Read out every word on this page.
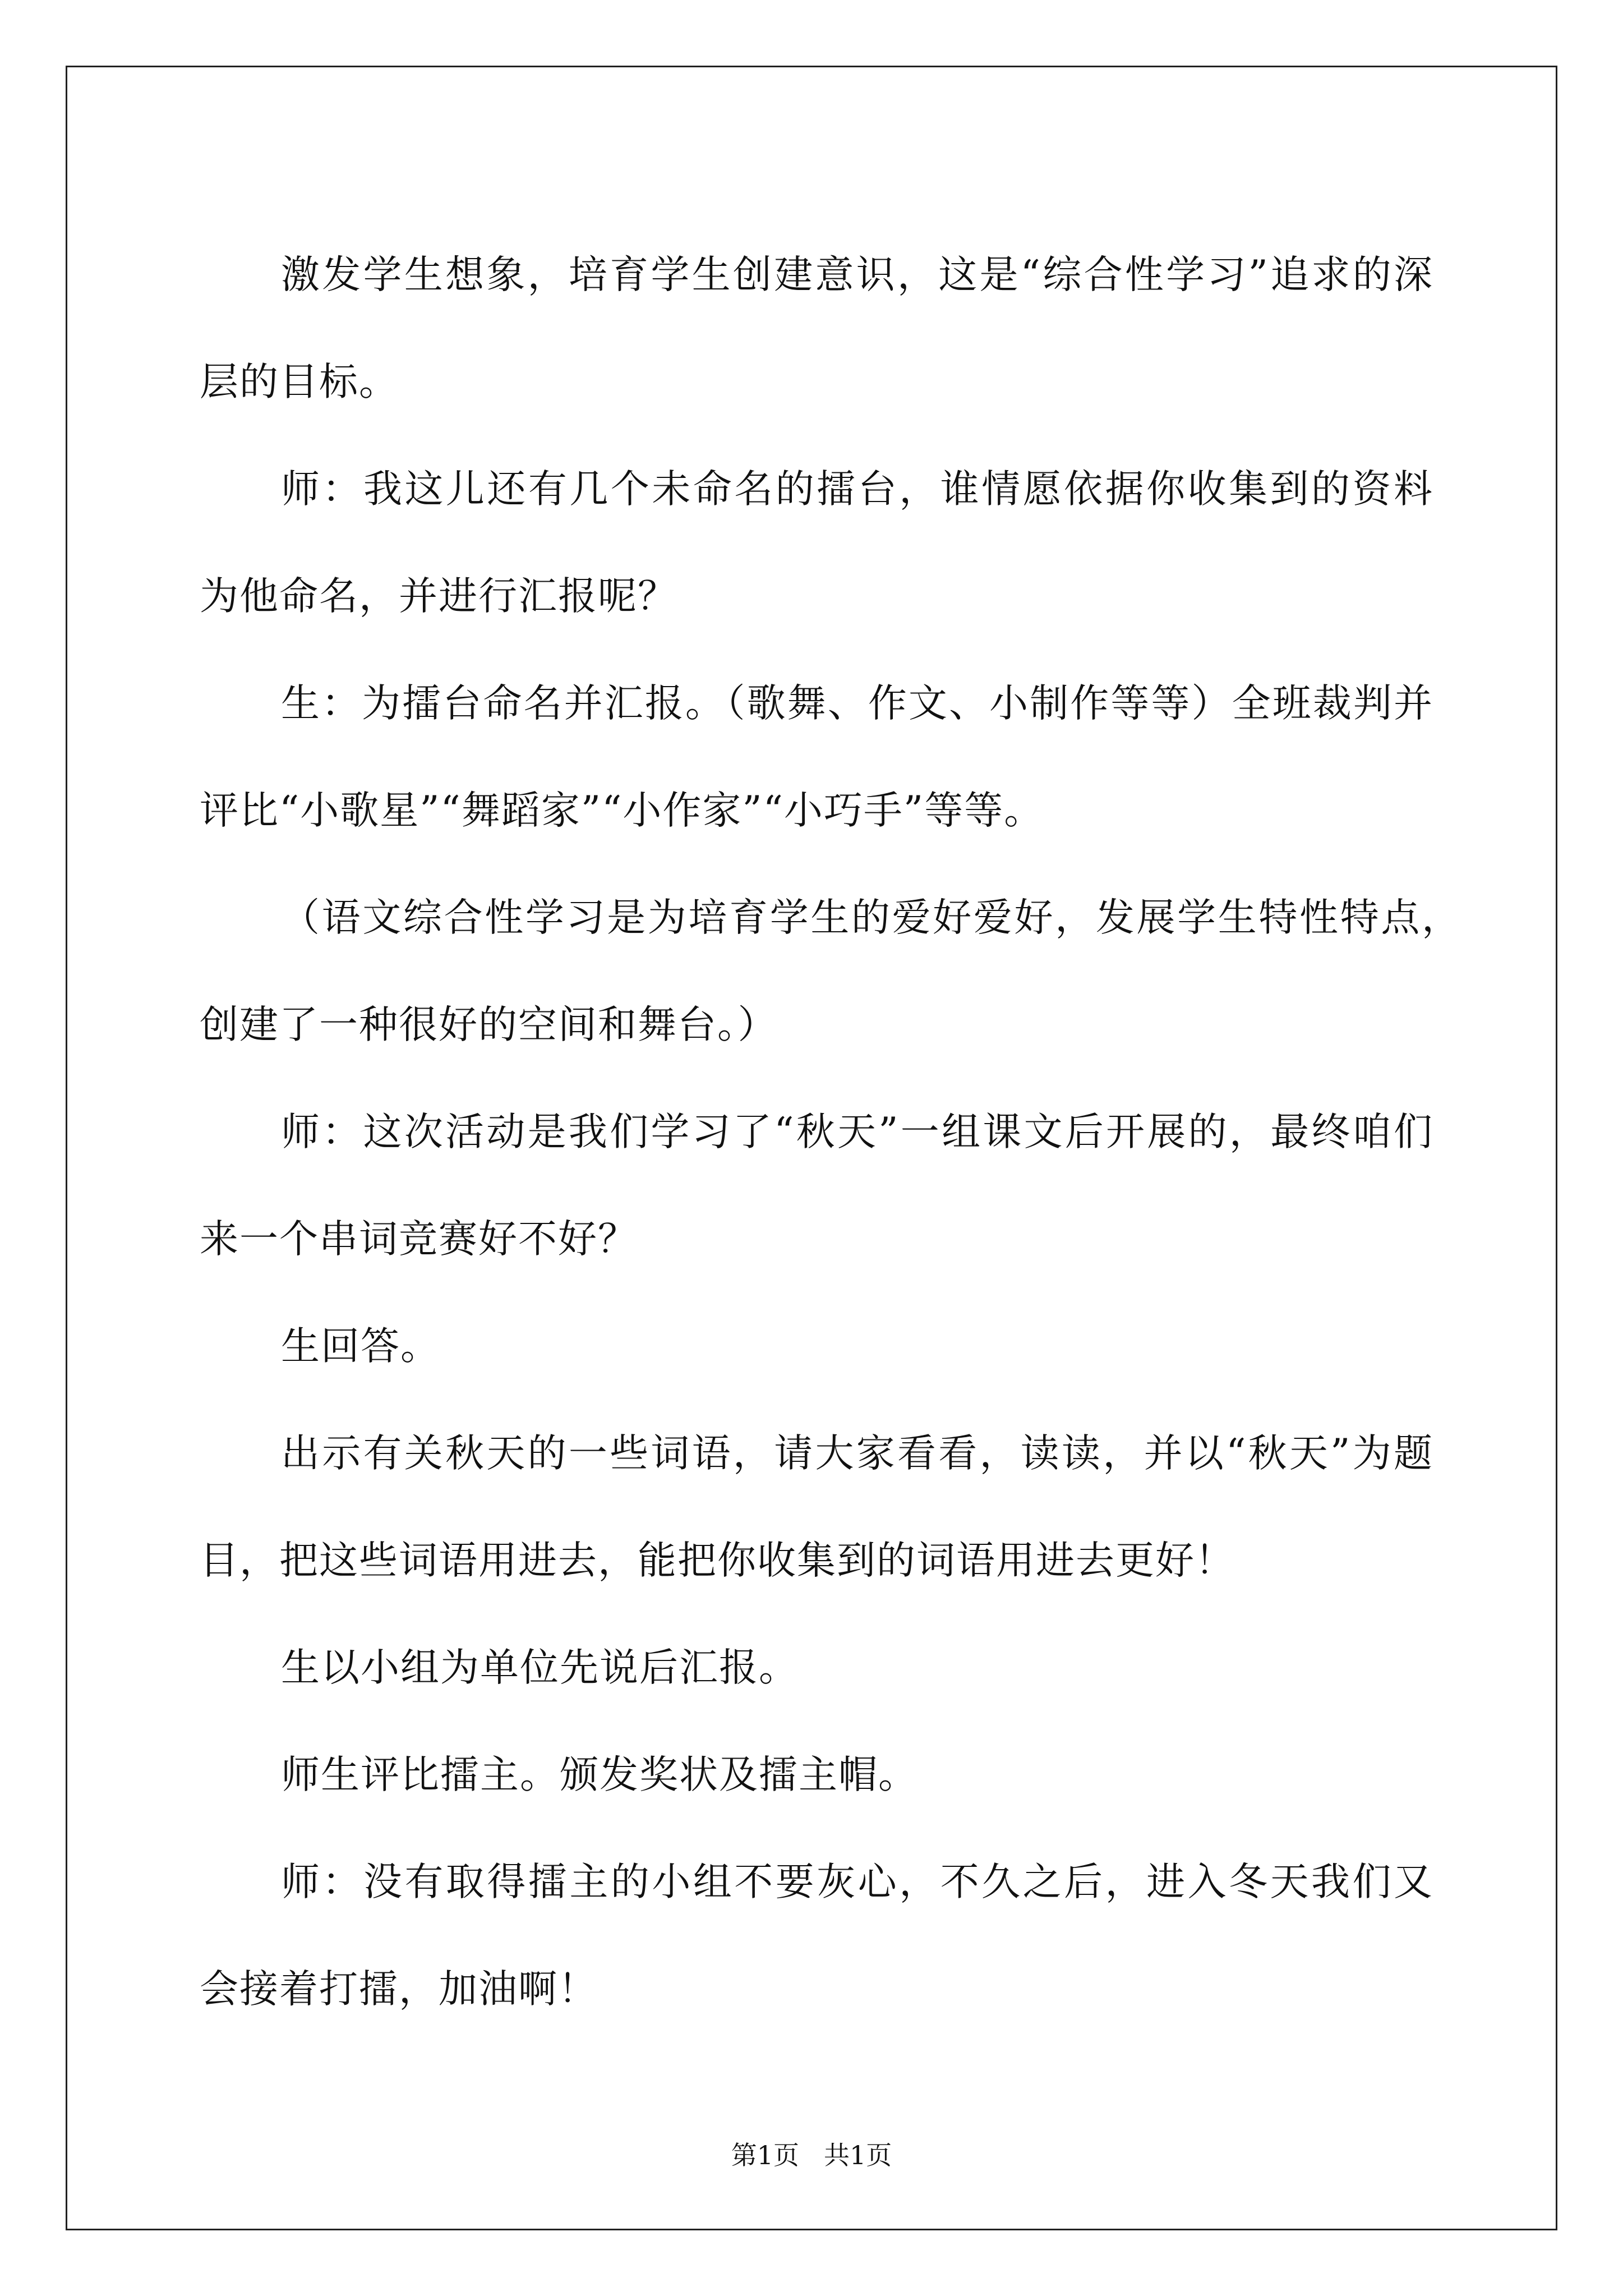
激发学生想象，培育学生创建意识，这是“综合性学习”追求的深层的目标。

师：我这儿还有几个未命名的擂台，谁情愿依据你收集到的资料为他命名，并进行汇报呢？

生：为擂台命名并汇报。（歌舞、作文、小制作等等）全班裁判并评比“小歌星”“舞蹈家”“小作家”“小巧手”等等。

（语文综合性学习是为培育学生的爱好爱好，发展学生特性特点，创建了一种很好的空间和舞台。）

师：这次活动是我们学习了“秋天”一组课文后开展的，最终咱们来一个串词竞赛好不好？

生回答。

出示有关秋天的一些词语，请大家看看，读读，并以“秋天”为题目，把这些词语用进去，能把你收集到的词语用进去更好！

生以小组为单位先说后汇报。

师生评比擂主。颁发奖状及擂主帽。

师：没有取得擂主的小组不要灰心，不久之后，进入冬天我们又会接着打擂，加油啊！

第1页 共1页
